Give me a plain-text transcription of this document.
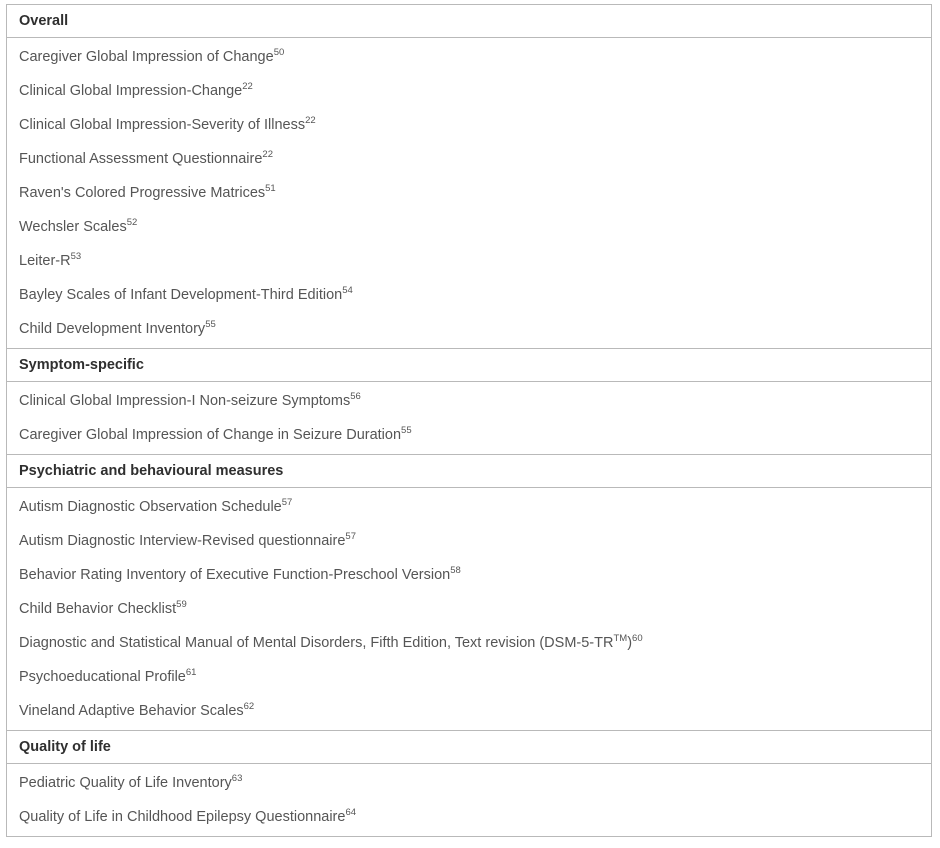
Overall
Caregiver Global Impression of Change$^{50}$
Clinical Global Impression-Change$^{22}$
Clinical Global Impression-Severity of Illness$^{22}$
Functional Assessment Questionnaire$^{22}$
Raven's Colored Progressive Matrices$^{51}$
Wechsler Scales$^{52}$
Leiter-$R^{53}$
Bayley Scales of Infant Development-Third Edition$^{54}$
Child Development Inventory$^{55}$
Symptom-specific
Clinical Global Impression-I Non-seizure Symptoms$^{56}$
Caregiver Global Impression of Change in Seizure Duration$^{55}$
Psychiatric and behavioural measures
Autism Diagnostic Observation Schedule$^{57}$
Autism Diagnostic Interview-Revised questionnaire$^{57}$
Behavior Rating Inventory of Executive Function-Preschool Version$^{58}$
Child Behavior Checklist$^{59}$
Diagnostic and Statistical Manual of Mental Disorders, Fifth Edition, Text revision $(DSM-5-TR™)^{60}$
Psychoeducational Profile$^{61}$
Vineland Adaptive Behavior Scales$^{62}$
Quality of life
Pediatric Quality of Life Inventory$^{63}$
Quality of Life in Childhood Epilepsy Questionnaire$^{64}$
